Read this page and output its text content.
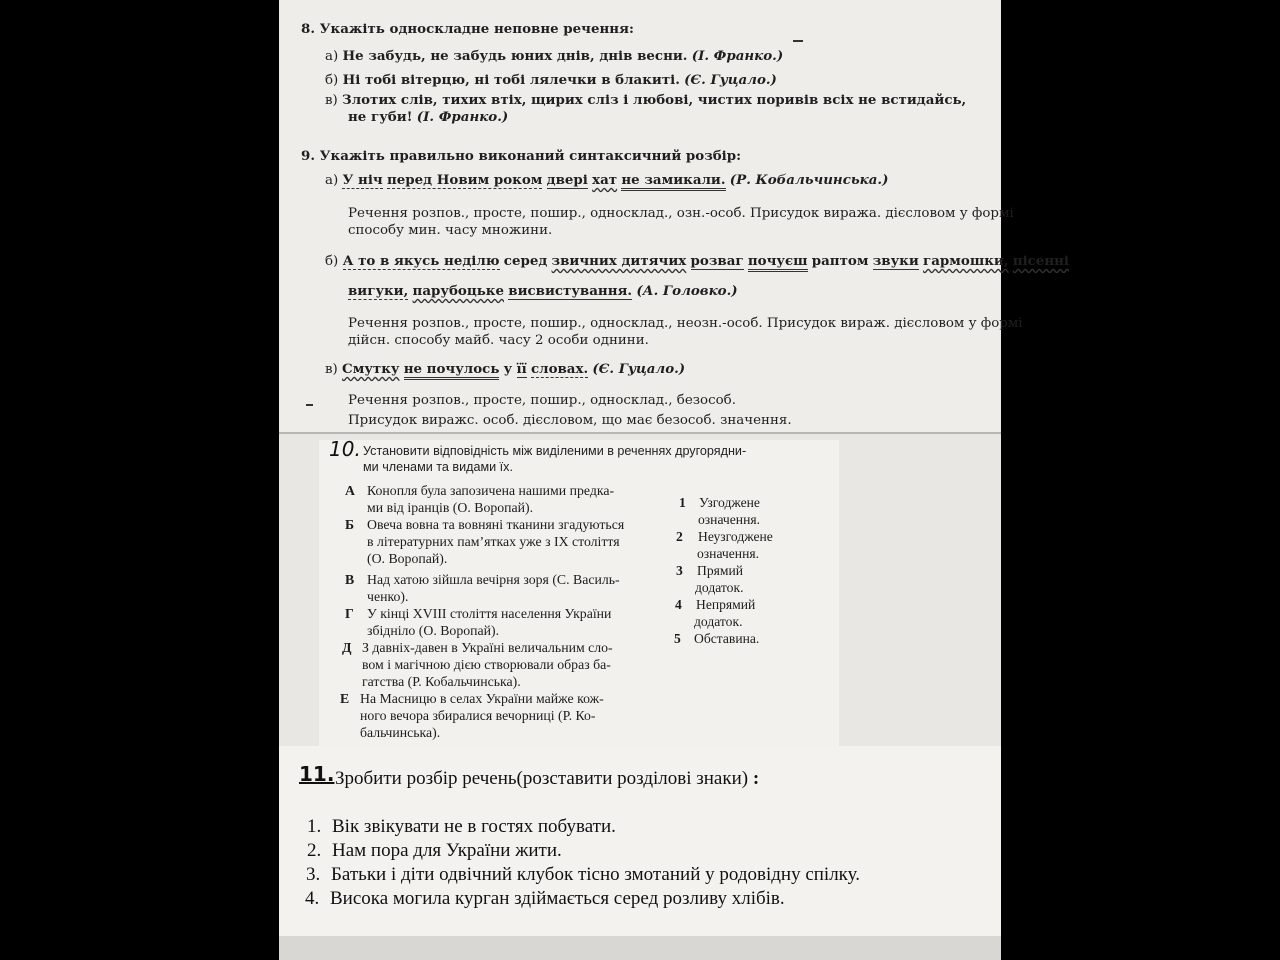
8. Укажіть односкладне неповне речення:
а) Не забудь, не забудь юних днів, днів весни. (І. Франко.)
б) Ні тобі вітерцю, ні тобі лялечки в блакиті. (Є. Гуцало.)
в) Злотих слів, тихих втіх, щирих сліз і любові, чистих поривів всіх не встидайсь,
не губи! (І. Франко.)
9. Укажіть правильно виконаний синтаксичний розбір:
а) У ніч перед Новим роком двері хат не замикали. (Р. Кобальчинська.)
Речення розпов., просте, пошир., односклад., озн.-особ. Присудок виража. дієсловом у формі
способу мин. часу множини.
б) А то в якусь неділю серед звичних дитячих розваг почуєш раптом звуки гармошки, пісенні
вигуки, парубоцьке висвистування. (А. Головко.)
Речення розпов., просте, пошир., односклад., неозн.-особ. Присудок вираж. дієсловом у формі
дійсн. способу майб. часу 2 особи однини.
в) Смутку не почулось у її словах. (Є. Гуцало.)
Речення розпов., просте, пошир., односклад., безособ.
Присудок виражс. особ. дієсловом, що має безособ. значення.
10. Установити відповідність між виділеними в реченнях другорядни-
ми членами та видами їх.
А Конопля була запозичена нашими предка-
ми від іранців (О. Воропай).
Б Овеча вовна та вовняні тканини згадуються
в літературних пам’ятках уже з IX століття
(О. Воропай).
В Над хатою зійшла вечірня зоря (С. Василь-
ченко).
Г У кінці XVIII століття населення України
збідніло (О. Воропай).
Д З давніх-давен в Україні величальним сло-
вом і магічною дією створювали образ ба-
гатства (Р. Кобальчинська).
Е На Масницю в селах України майже кож-
ного вечора збиралися вечорниці (Р. Ко-
бальчинська).
1 Узгоджене
означення.
2 Неузгоджене
означення.
3 Прямий
додаток.
4 Непрямий
додаток.
5 Обставина.
11. Зробити розбір речень(розставити розділові знаки) :
1. Вік звікувати не в гостях побувати.
2. Нам пора для України жити.
3. Батьки і діти одвічний клубок тісно змотаний у родовідну спілку.
4. Висока могила курган здіймається серед розливу хлібів.
